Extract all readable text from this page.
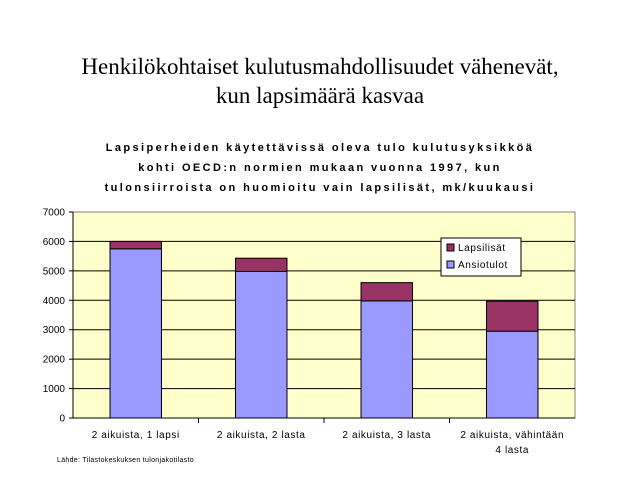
Henkilökohtaiset kulutusmahdollisuudet vähenevät,
kun lapsimäärä kasvaa
Lapsiperheiden käytettävissä oleva tulo kulutusyksikköä
kohti OECD:n normien mukaan vuonna 1997, kun
tulonsiirroista on huomioitu vain lapsilisät, mk/kuukausi
0
1000
2000
3000
4000
5000
6000
7000
2 aikuista, 1 lapsi	2 aikuista, 2 lasta	2 aikuista, 3 lasta	2 aikuista, vähintään
4 lasta
Lapsilisät
Ansiotulot
Lähde: Tilastokeskuksen tulonjakotilasto
